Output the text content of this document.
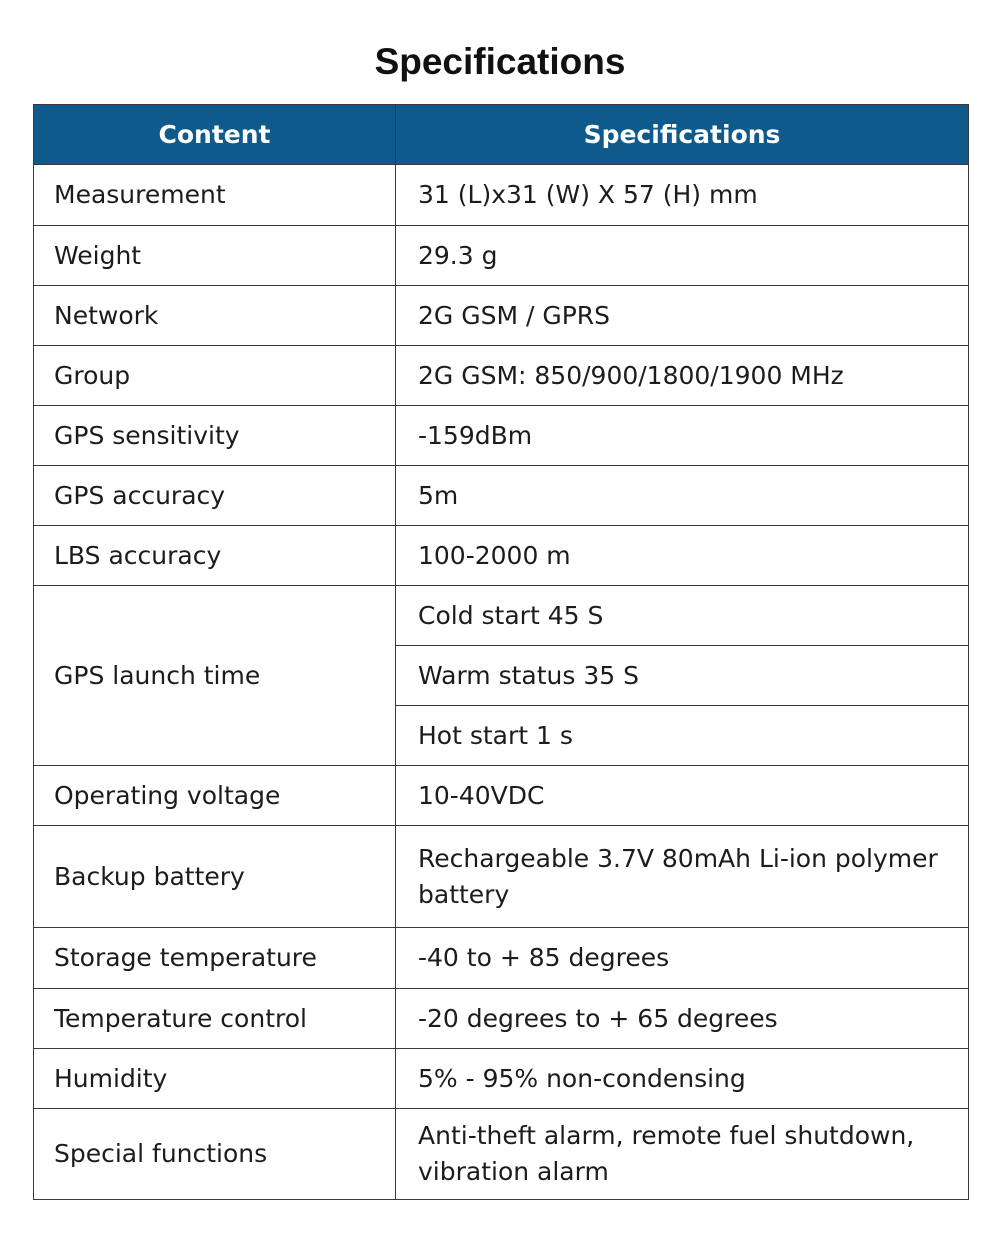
Specifications
Content	Specifications
Measurement	31 (L)x31 (W) X 57 (H) mm
Weight	29.3 g
Network	2G GSM / GPRS
Group	2G GSM: 850/900/1800/1900 MHz
GPS sensitivity	-159dBm
GPS accuracy	5m
LBS accuracy	100-2000 m
GPS launch time	Cold start 45 S
	Warm status 35 S
	Hot start 1 s
Operating voltage	10-40VDC
Backup battery	Rechargeable 3.7V 80mAh Li-ion polymer battery
Storage temperature	-40 to + 85 degrees
Temperature control	-20 degrees to + 65 degrees
Humidity	5% - 95% non-condensing
Special functions	Anti-theft alarm, remote fuel shutdown, vibration alarm
